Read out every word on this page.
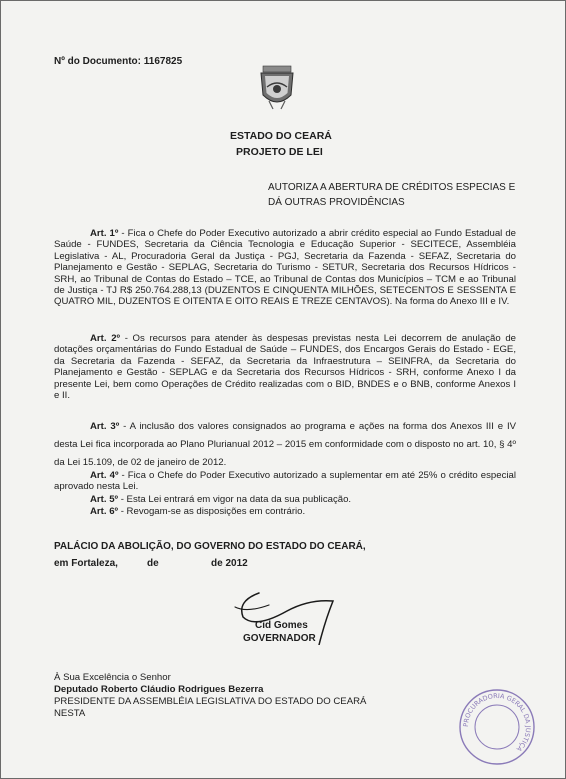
Nº do Documento: 1167825
ESTADO DO CEARÁ
PROJETO DE LEI
AUTORIZA A ABERTURA DE CRÉDITOS ESPECIAS E DÁ OUTRAS PROVIDÊNCIAS
Art. 1º - Fica o Chefe do Poder Executivo autorizado a abrir crédito especial ao Fundo Estadual de Saúde - FUNDES, Secretaria da Ciência Tecnologia e Educação Superior - SECITECE, Assembléia Legislativa - AL, Procuradoria Geral da Justiça - PGJ, Secretaria da Fazenda - SEFAZ, Secretaria do Planejamento e Gestão - SEPLAG, Secretaria do Turismo - SETUR, Secretaria dos Recursos Hídricos - SRH, ao Tribunal de Contas do Estado – TCE, ao Tribunal de Contas dos Municípios – TCM e ao Tribunal de Justiça - TJ R$ 250.764.288,13 (DUZENTOS E CINQUENTA MILHÕES, SETECENTOS E SESSENTA E QUATRO MIL, DUZENTOS E OITENTA E OITO REAIS E TREZE CENTAVOS). Na forma do Anexo III e IV.
Art. 2º - Os recursos para atender às despesas previstas nesta Lei decorrem de anulação de dotações orçamentárias do Fundo Estadual de Saúde – FUNDES, dos Encargos Gerais do Estado - EGE, da Secretaria da Fazenda - SEFAZ, da Secretaria da Infraestrutura – SEINFRA, da Secretaria do Planejamento e Gestão - SEPLAG e da Secretaria dos Recursos Hídricos - SRH, conforme Anexo I da presente Lei, bem como Operações de Crédito realizadas com o BID, BNDES e o BNB, conforme Anexos I e II.
Art. 3º - A inclusão dos valores consignados ao programa e ações na forma dos Anexos III e IV desta Lei fica incorporada ao Plano Plurianual 2012 – 2015 em conformidade com o disposto no art. 10, § 4º da Lei 15.109, de 02 de janeiro de 2012.
Art. 4º - Fica o Chefe do Poder Executivo autorizado a suplementar em até 25% o crédito especial aprovado nesta Lei.
Art. 5º - Esta Lei entrará em vigor na data da sua publicação.
Art. 6º - Revogam-se as disposições em contrário.
PALÁCIO DA ABOLIÇÃO, DO GOVERNO DO ESTADO DO CEARÁ,
em Fortaleza,	de	de 2012
Cid Gomes
GOVERNADOR
À Sua Excelência o Senhor
Deputado Roberto Cláudio Rodrigues Bezerra
PRESIDENTE DA ASSEMBLÉIA LEGISLATIVA DO ESTADO DO CEARÁ
NESTA
PROCURADORIA GERAL DA JUSTIÇA
